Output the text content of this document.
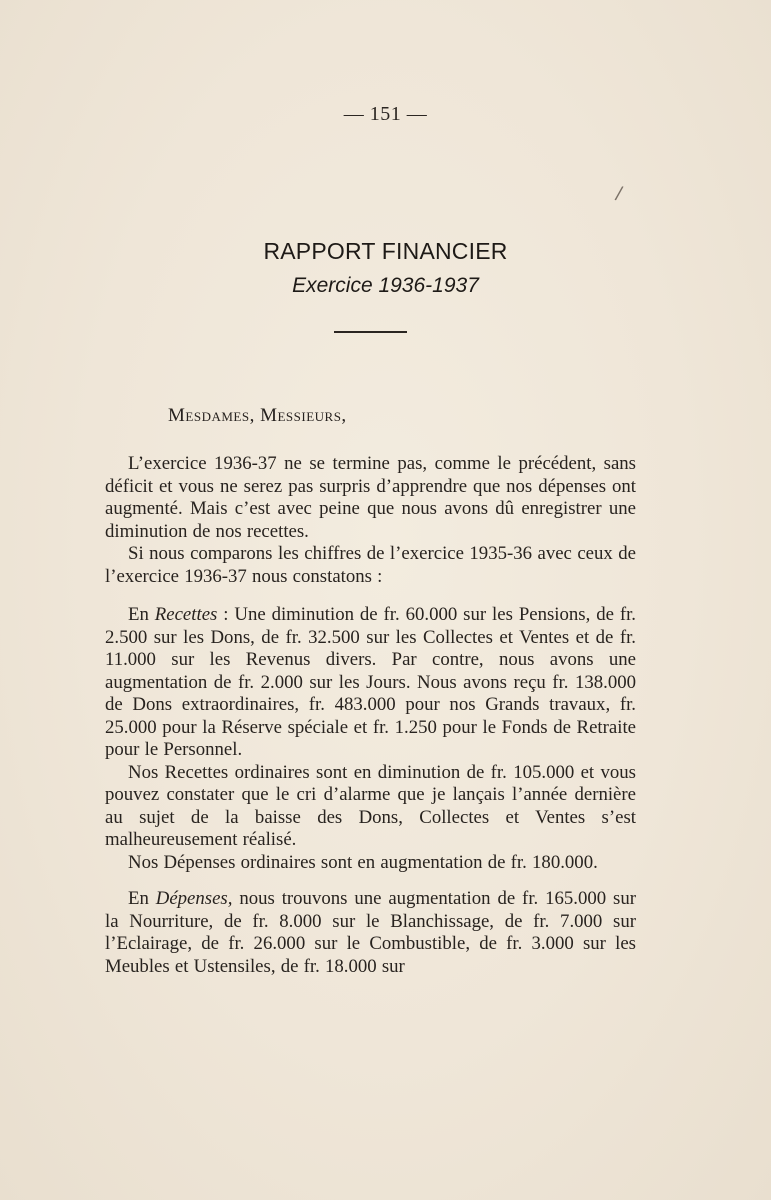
— 151 —
/
RAPPORT FINANCIER
Exercice 1936-1937
Mesdames, Messieurs,

L’exercice 1936-37 ne se termine pas, comme le précédent, sans déficit et vous ne serez pas surpris d’apprendre que nos dépenses ont augmenté. Mais c’est avec peine que nous avons dû enregistrer une diminution de nos recettes.

Si nous comparons les chiffres de l’exercice 1935-36 avec ceux de l’exercice 1936-37 nous constatons :

En Recettes : Une diminution de fr. 60.000 sur les Pensions, de fr. 2.500 sur les Dons, de fr. 32.500 sur les Collectes et Ventes et de fr. 11.000 sur les Revenus divers. Par contre, nous avons une augmentation de fr. 2.000 sur les Jours. Nous avons reçu fr. 138.000 de Dons extraordinaires, fr. 483.000 pour nos Grands travaux, fr. 25.000 pour la Réserve spéciale et fr. 1.250 pour le Fonds de Retraite pour le Personnel.

Nos Recettes ordinaires sont en diminution de fr. 105.000 et vous pouvez constater que le cri d’alarme que je lançais l’année dernière au sujet de la baisse des Dons, Collectes et Ventes s’est malheureusement réalisé.

Nos Dépenses ordinaires sont en augmentation de fr. 180.000.

En Dépenses, nous trouvons une augmentation de fr. 165.000 sur la Nourriture, de fr. 8.000 sur le Blanchissage, de fr. 7.000 sur l’Eclairage, de fr. 26.000 sur le Combustible, de fr. 3.000 sur les Meubles et Ustensiles, de fr. 18.000 sur
